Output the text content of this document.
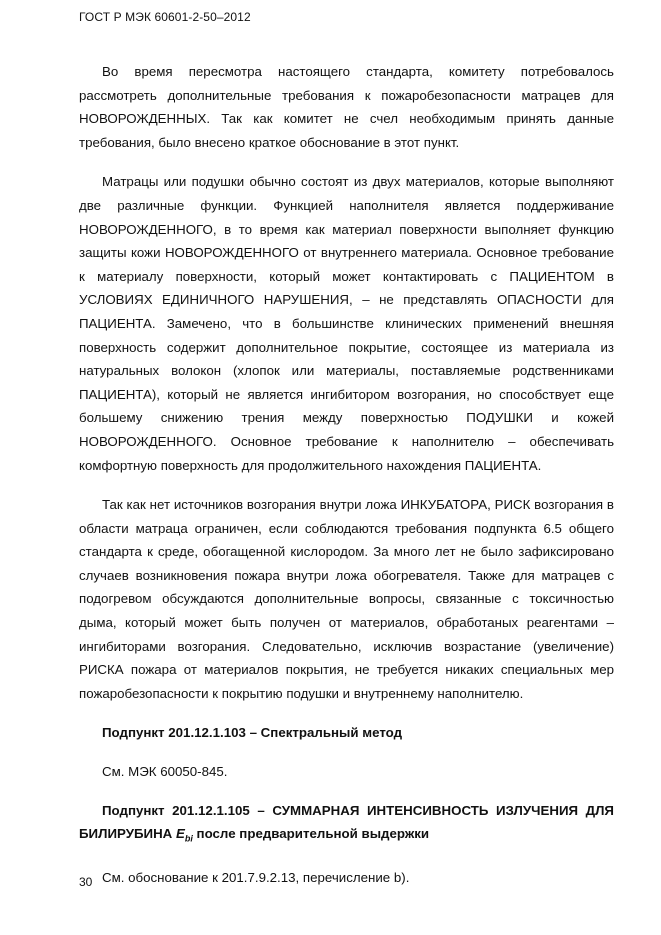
ГОСТ Р МЭК 60601-2-50–2012

Во время пересмотра настоящего стандарта, комитету потребовалось рассмотреть дополнительные требования к пожаробезопасности матрацев для НОВОРОЖДЕННЫХ. Так как комитет не счел необходимым принять данные требования, было внесено краткое обоснование в этот пункт.

Матрацы или подушки обычно состоят из двух материалов, которые выполняют две различные функции. Функцией наполнителя является поддерживание НОВОРОЖДЕННОГО, в то время как материал поверхности выполняет функцию защиты кожи НОВОРОЖДЕННОГО от внутреннего материала. Основное требование к материалу поверхности, который может контактировать с ПАЦИЕНТОМ в УСЛОВИЯХ ЕДИНИЧНОГО НАРУШЕНИЯ, – не представлять ОПАСНОСТИ для ПАЦИЕНТА. Замечено, что в большинстве клинических применений внешняя поверхность содержит дополнительное покрытие, состоящее из материала из натуральных волокон (хлопок или материалы, поставляемые родственниками ПАЦИЕНТА), который не является ингибитором возгорания, но способствует еще большему снижению трения между поверхностью ПОДУШКИ и кожей НОВОРОЖДЕННОГО. Основное требование к наполнителю – обеспечивать комфортную поверхность для продолжительного нахождения ПАЦИЕНТА.

Так как нет источников возгорания внутри ложа ИНКУБАТОРА, РИСК возгорания в области матраца ограничен, если соблюдаются требования подпункта 6.5 общего стандарта к среде, обогащенной кислородом. За много лет не было зафиксировано случаев возникновения пожара внутри ложа обогревателя. Также для матрацев с подогревом обсуждаются дополнительные вопросы, связанные с токсичностью дыма, который может быть получен от материалов, обработаных реагентами – ингибиторами возгорания. Следовательно, исключив возрастание (увеличение) РИСКА пожара от материалов покрытия, не требуется никаких специальных мер пожаробезопасности к покрытию подушки и внутреннему наполнителю.

Подпункт 201.12.1.103 – Спектральный метод

См. МЭК 60050-845.

Подпункт 201.12.1.105 – СУММАРНАЯ ИНТЕНСИВНОСТЬ ИЗЛУЧЕНИЯ ДЛЯ БИЛИРУБИНА $E_{bi}$ после предварительной выдержки

См. обоснование к 201.7.9.2.13, перечисление b).

30
